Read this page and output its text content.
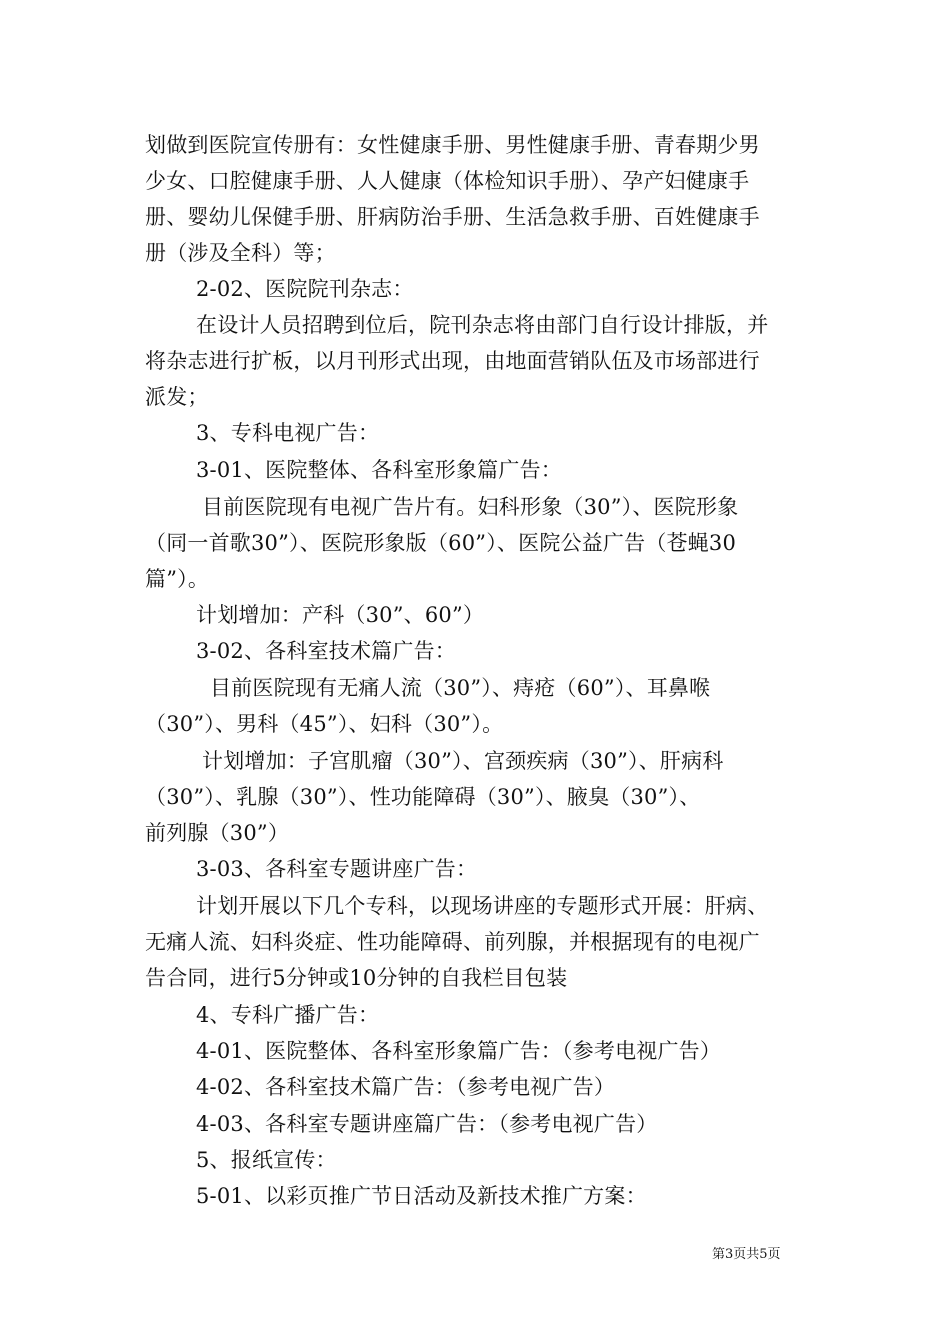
划做到医院宣传册有：女性健康手册、男性健康手册、青春期少男
少女、口腔健康手册、人人健康（体检知识手册）、孕产妇健康手
册、婴幼儿保健手册、肝病防治手册、生活急救手册、百姓健康手
册（涉及全科）等；
2-02、医院院刊杂志：
在设计人员招聘到位后，院刊杂志将由部门自行设计排版，并
将杂志进行扩板，以月刊形式出现，由地面营销队伍及市场部进行
派发；
3、专科电视广告：
3-01、医院整体、各科室形象篇广告：
目前医院现有电视广告片有。妇科形象（30”）、医院形象
（同一首歌30”）、医院形象版（60”）、医院公益广告（苍蝇30
篇”）。
计划增加：产科（30”、60”）
3-02、各科室技术篇广告：
目前医院现有无痛人流（30”）、痔疮（60”）、耳鼻喉
（30”）、男科（45”）、妇科（30”）。
计划增加：子宫肌瘤（30”）、宫颈疾病（30”）、肝病科
（30”）、乳腺（30”）、性功能障碍（30”）、腋臭（30”）、
前列腺（30”）
3-03、各科室专题讲座广告：
计划开展以下几个专科，以现场讲座的专题形式开展：肝病、
无痛人流、妇科炎症、性功能障碍、前列腺，并根据现有的电视广
告合同，进行5分钟或10分钟的自我栏目包装
4、专科广播广告：
4-01、医院整体、各科室形象篇广告：（参考电视广告）
4-02、各科室技术篇广告：（参考电视广告）
4-03、各科室专题讲座篇广告：（参考电视广告）
5、报纸宣传：
5-01、以彩页推广节日活动及新技术推广方案：
第3页共5页
